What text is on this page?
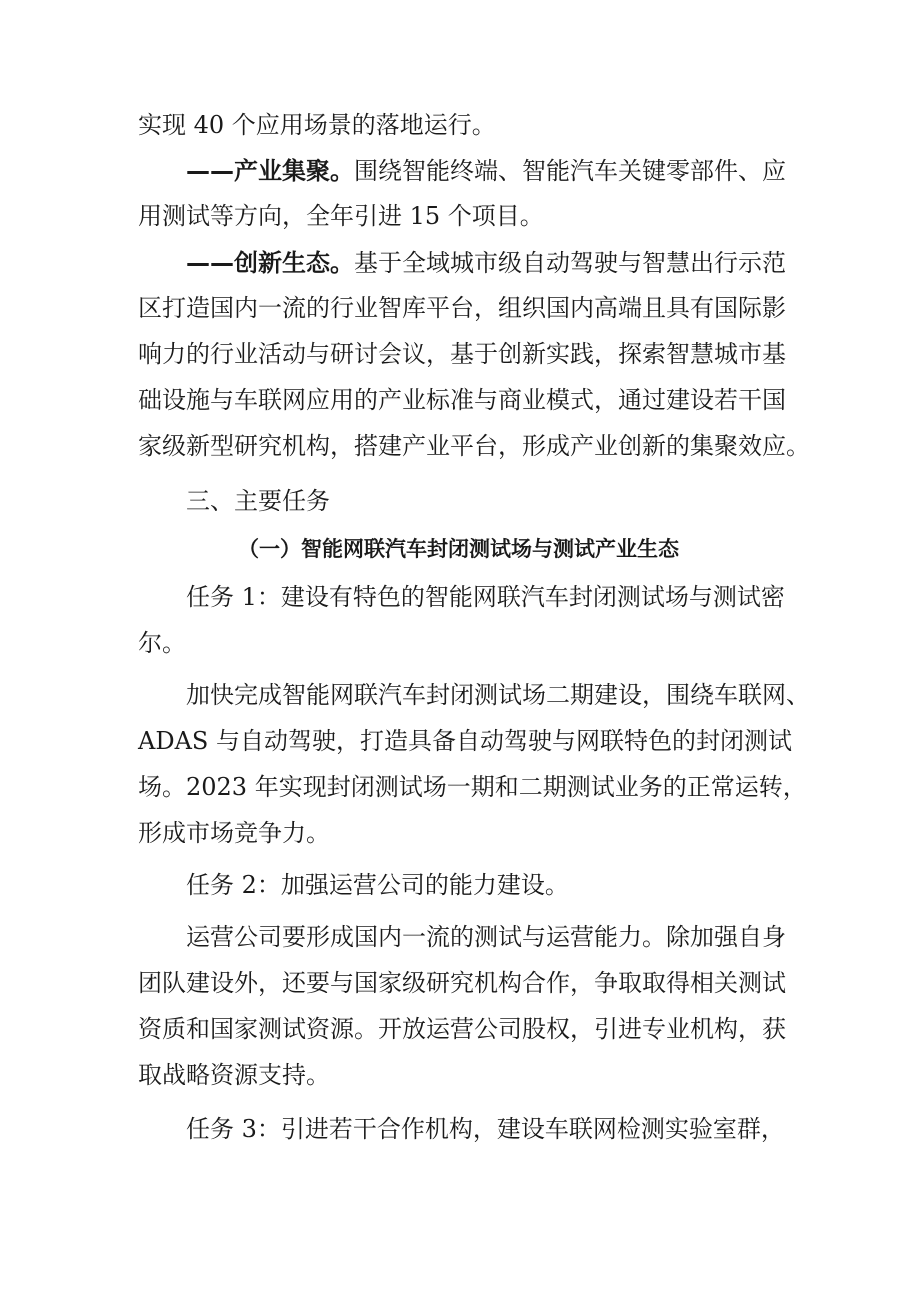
实现 40 个应用场景的落地运行。
——产业集聚。围绕智能终端、智能汽车关键零部件、应
用测试等方向，全年引进 15 个项目。
——创新生态。基于全域城市级自动驾驶与智慧出行示范
区打造国内一流的行业智库平台，组织国内高端且具有国际影
响力的行业活动与研讨会议，基于创新实践，探索智慧城市基
础设施与车联网应用的产业标准与商业模式，通过建设若干国
家级新型研究机构，搭建产业平台，形成产业创新的集聚效应。
三、主要任务
（一）智能网联汽车封闭测试场与测试产业生态
任务 1：建设有特色的智能网联汽车封闭测试场与测试密
尔。
加快完成智能网联汽车封闭测试场二期建设，围绕车联网、
ADAS 与自动驾驶，打造具备自动驾驶与网联特色的封闭测试
场。2023 年实现封闭测试场一期和二期测试业务的正常运转，
形成市场竞争力。
任务 2：加强运营公司的能力建设。
运营公司要形成国内一流的测试与运营能力。除加强自身
团队建设外，还要与国家级研究机构合作，争取取得相关测试
资质和国家测试资源。开放运营公司股权，引进专业机构，获
取战略资源支持。
任务 3：引进若干合作机构，建设车联网检测实验室群，
